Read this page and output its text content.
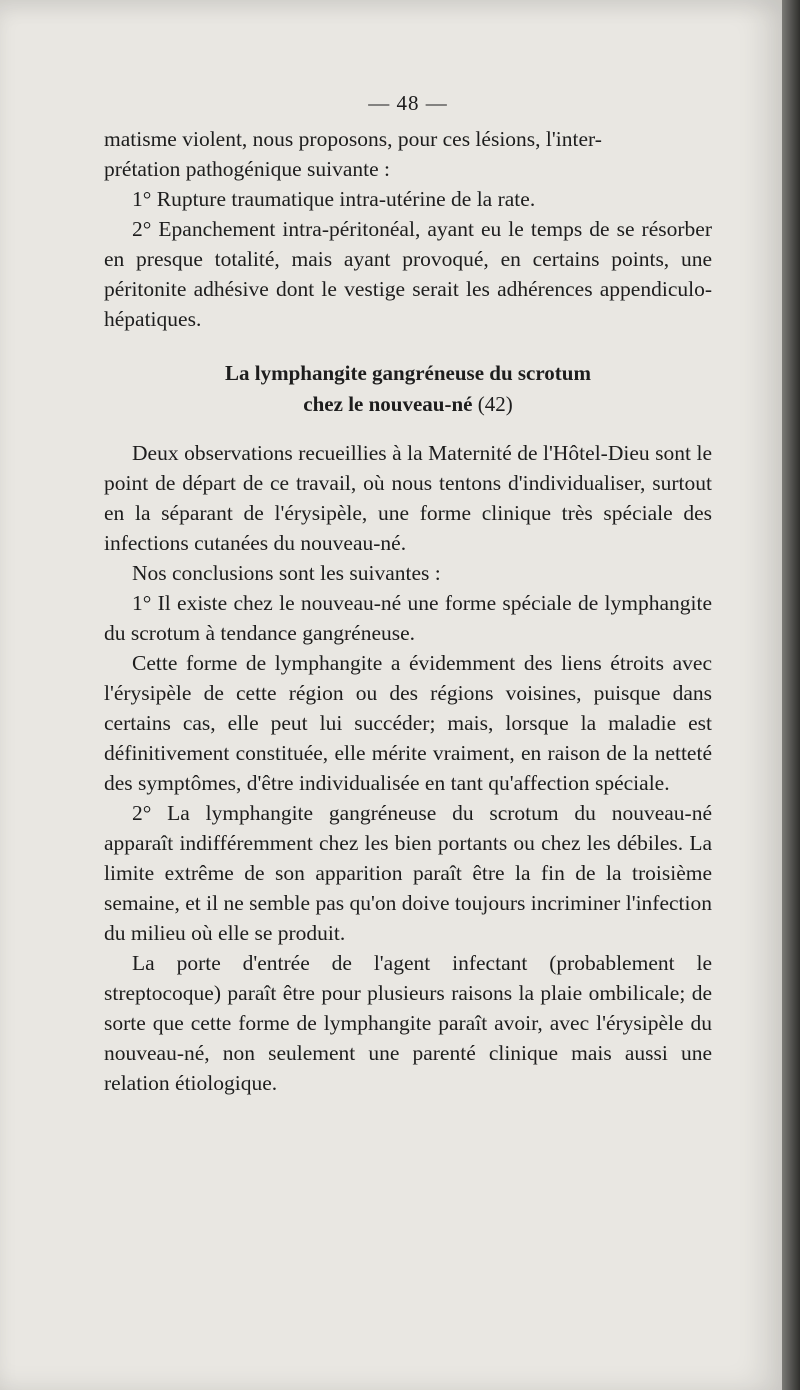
— 48 —

matisme violent, nous proposons, pour ces lésions, l'inter-
prétation pathogénique suivante :

1° Rupture traumatique intra-utérine de la rate.

2° Epanchement intra-péritonéal, ayant eu le temps de se résorber en presque totalité, mais ayant provoqué, en certains points, une péritonite adhésive dont le vestige serait les adhérences appendiculo-hépatiques.

La lymphangite gangréneuse du scrotum
chez le nouveau-né (42)

Deux observations recueillies à la Maternité de l'Hôtel-Dieu sont le point de départ de ce travail, où nous tentons d'individualiser, surtout en la séparant de l'érysipèle, une forme clinique très spéciale des infections cutanées du nouveau-né.

Nos conclusions sont les suivantes :

1° Il existe chez le nouveau-né une forme spéciale de lymphangite du scrotum à tendance gangréneuse.

Cette forme de lymphangite a évidemment des liens étroits avec l'érysipèle de cette région ou des régions voisines, puisque dans certains cas, elle peut lui succéder; mais, lorsque la maladie est définitivement constituée, elle mérite vraiment, en raison de la netteté des symptômes, d'être individualisée en tant qu'affection spéciale.

2° La lymphangite gangréneuse du scrotum du nouveau-né apparaît indifféremment chez les bien portants ou chez les débiles. La limite extrême de son apparition paraît être la fin de la troisième semaine, et il ne semble pas qu'on doive toujours incriminer l'infection du milieu où elle se produit.

La porte d'entrée de l'agent infectant (probablement le streptocoque) paraît être pour plusieurs raisons la plaie ombilicale; de sorte que cette forme de lymphangite paraît avoir, avec l'érysipèle du nouveau-né, non seulement une parenté clinique mais aussi une relation étiologique.
